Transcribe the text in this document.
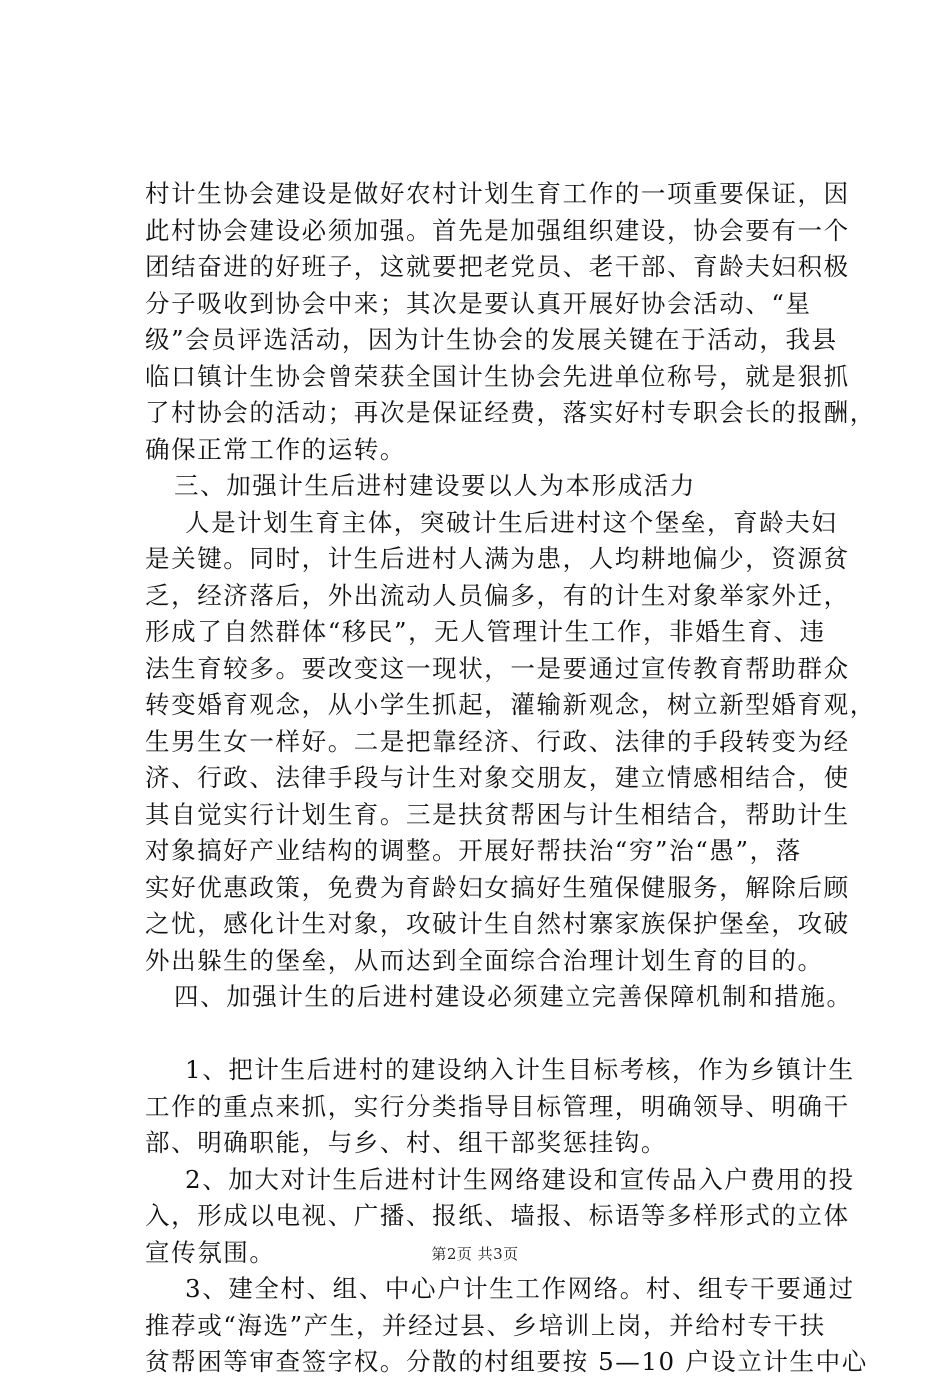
村计生协会建设是做好农村计划生育工作的一项重要保证，因
此村协会建设必须加强。首先是加强组织建设，协会要有一个
团结奋进的好班子，这就要把老党员、老干部、育龄夫妇积极
分子吸收到协会中来；其次是要认真开展好协会活动、“星
级”会员评选活动，因为计生协会的发展关键在于活动，我县
临口镇计生协会曾荣获全国计生协会先进单位称号，就是狠抓
了村协会的活动；再次是保证经费，落实好村专职会长的报酬，
确保正常工作的运转。
三、加强计生后进村建设要以人为本形成活力
人是计划生育主体，突破计生后进村这个堡垒，育龄夫妇
是关键。同时，计生后进村人满为患，人均耕地偏少，资源贫
乏，经济落后，外出流动人员偏多，有的计生对象举家外迁，
形成了自然群体“移民”，无人管理计生工作，非婚生育、违
法生育较多。要改变这一现状，一是要通过宣传教育帮助群众
转变婚育观念，从小学生抓起，灌输新观念，树立新型婚育观，
生男生女一样好。二是把靠经济、行政、法律的手段转变为经
济、行政、法律手段与计生对象交朋友，建立情感相结合，使
其自觉实行计划生育。三是扶贫帮困与计生相结合，帮助计生
对象搞好产业结构的调整。开展好帮扶治“穷”治“愚”，落
实好优惠政策，免费为育龄妇女搞好生殖保健服务，解除后顾
之忧，感化计生对象，攻破计生自然村寨家族保护堡垒，攻破
外出躲生的堡垒，从而达到全面综合治理计划生育的目的。
四、加强计生的后进村建设必须建立完善保障机制和措施。
1、把计生后进村的建设纳入计生目标考核，作为乡镇计生
工作的重点来抓，实行分类指导目标管理，明确领导、明确干
部、明确职能，与乡、村、组干部奖惩挂钩。
2、加大对计生后进村计生网络建设和宣传品入户费用的投
入，形成以电视、广播、报纸、墙报、标语等多样形式的立体
宣传氛围。
3、建全村、组、中心户计生工作网络。村、组专干要通过
推荐或“海选”产生，并经过县、乡培训上岗，并给村专干扶
贫帮困等审查签字权。分散的村组要按 5—10 户设立计生中心
第2页 共3页
